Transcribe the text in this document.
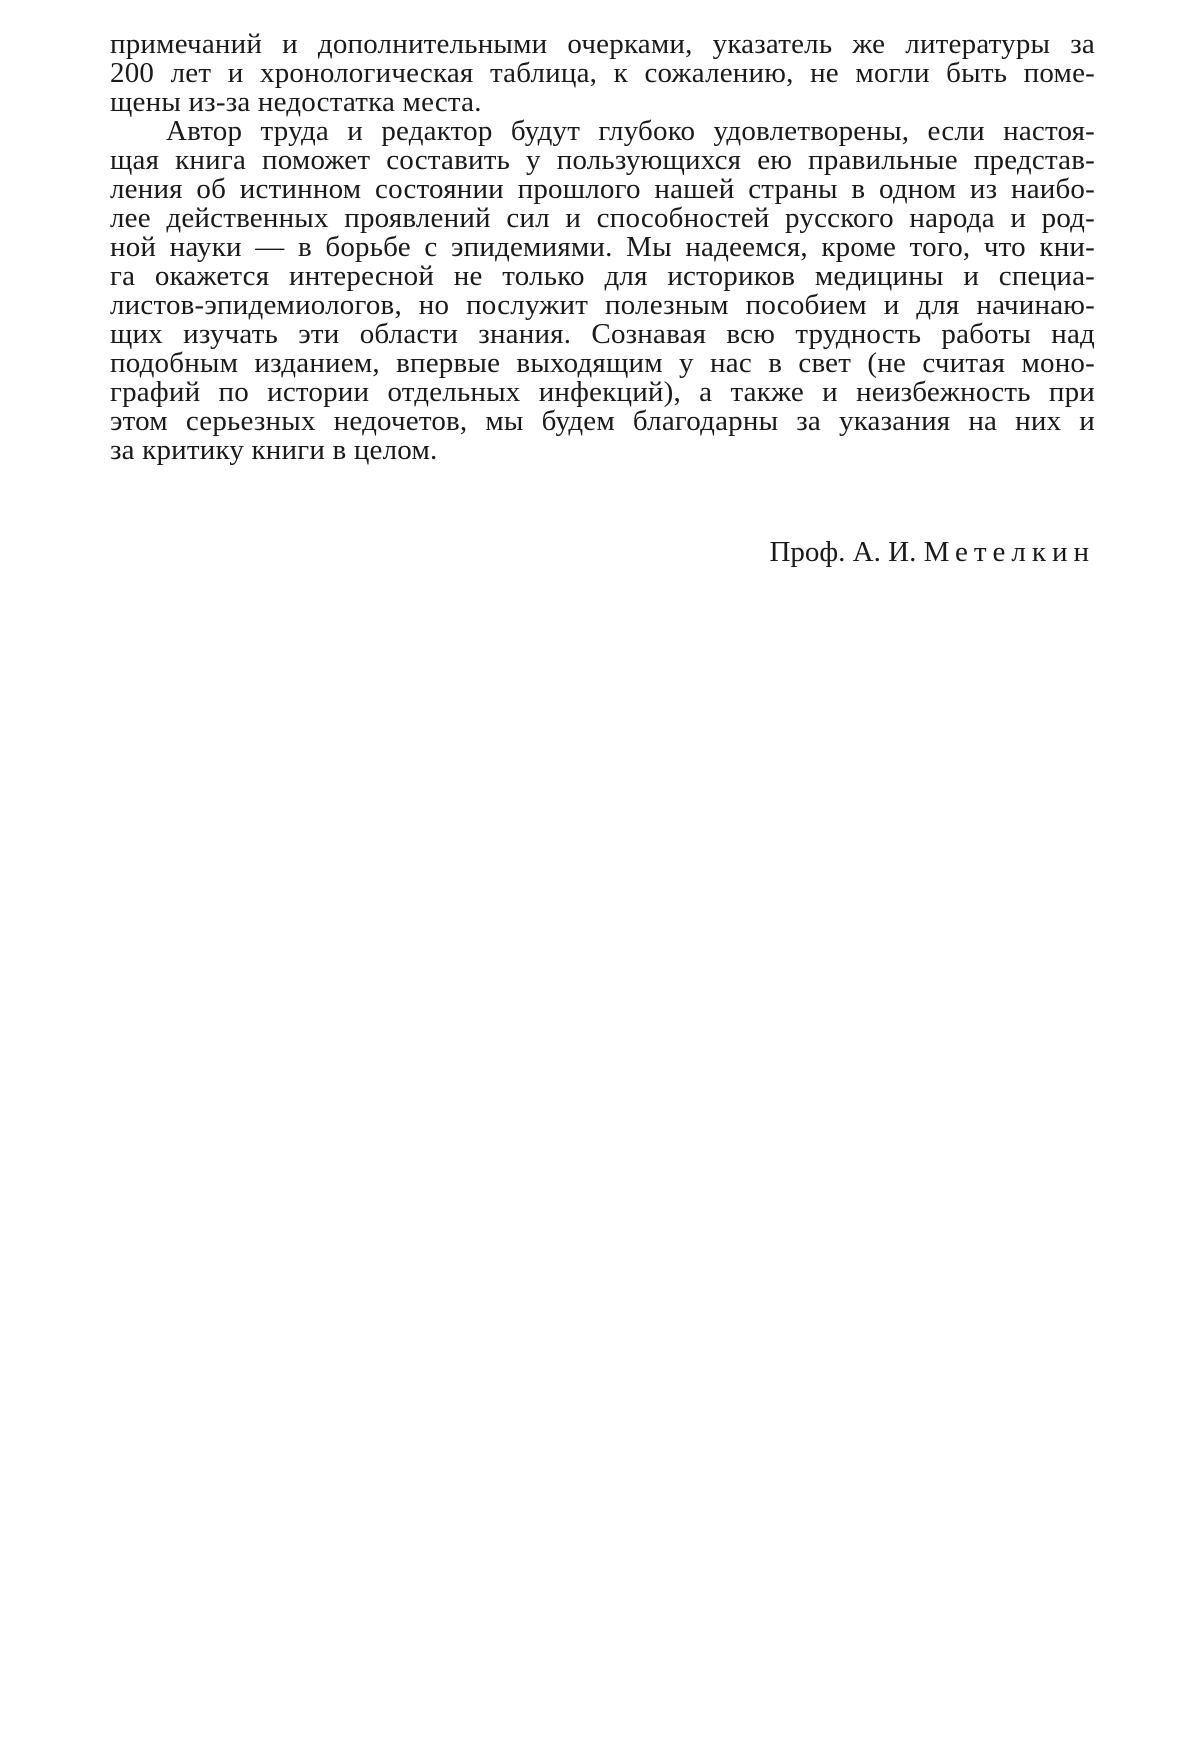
примечаний и дополнительными очерками, указатель же литературы за
200 лет и хронологическая таблица, к сожалению, не могли быть поме-
щены из-за недостатка места.
Автор труда и редактор будут глубоко удовлетворены, если настоя-
щая книга поможет составить у пользующихся ею правильные представ-
ления об истинном состоянии прошлого нашей страны в одном из наибо-
лее действенных проявлений сил и способностей русского народа и род-
ной науки — в борьбе с эпидемиями. Мы надеемся, кроме того, что кни-
га окажется интересной не только для историков медицины и специа-
листов-эпидемиологов, но послужит полезным пособием и для начинаю-
щих изучать эти области знания. Сознавая всю трудность работы над
подобным изданием, впервые выходящим у нас в свет (не считая моно-
графий по истории отдельных инфекций), а также и неизбежность при
этом серьезных недочетов, мы будем благодарны за указания на них и
за критику книги в целом.
Проф. А. И. Метелкин
